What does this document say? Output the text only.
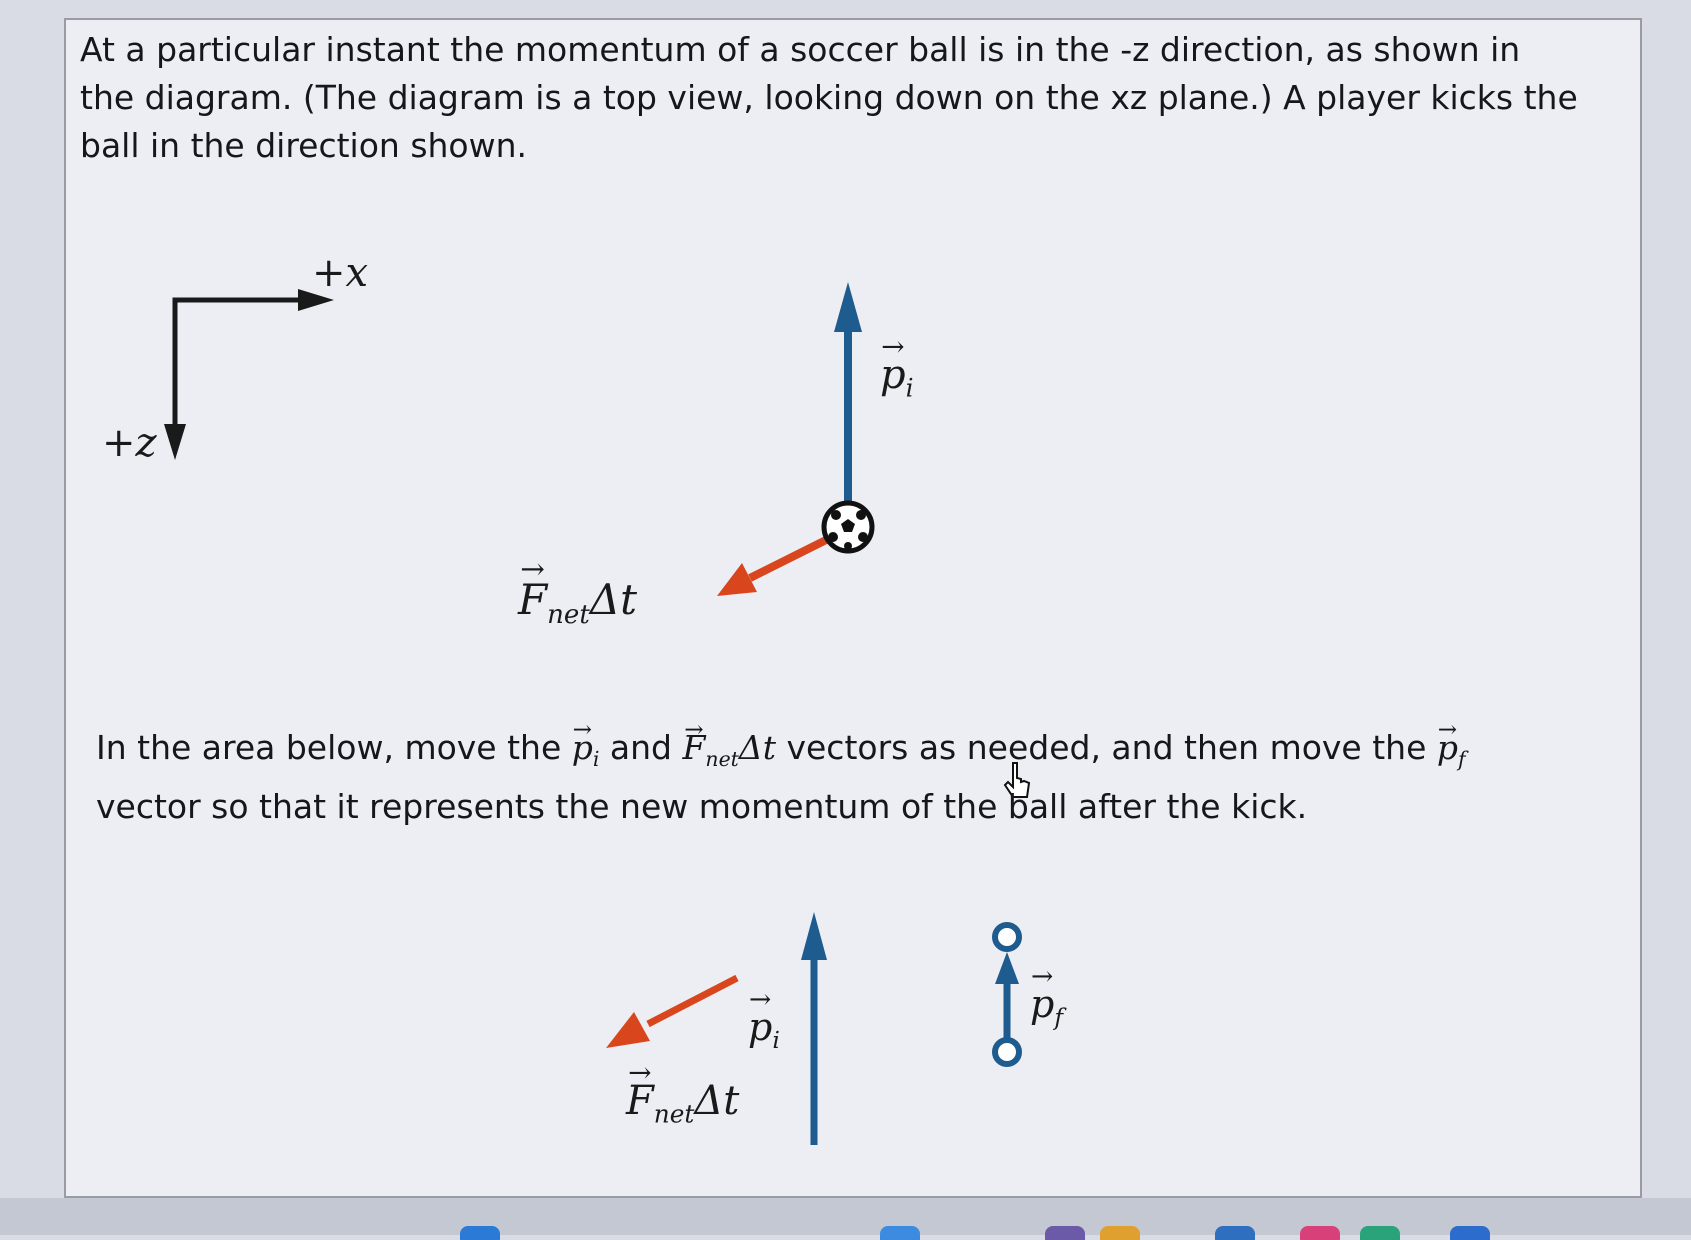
At a particular instant the momentum of a soccer ball is in the -z direction, as shown in the diagram. (The diagram is a top view, looking down on the xz plane.) A player kicks the ball in the direction shown.
+x
+z
→ $p_i$
→ $F_{net}\Delta t$
In the area below, move the → $p_i$ and → $F_{net}\Delta t$ vectors as needed, and then move the → $p_f$ vector so that it represents the new momentum of the ball after the kick.
→ $p_i$
→ $F_{net}\Delta t$
→ $p_f$
